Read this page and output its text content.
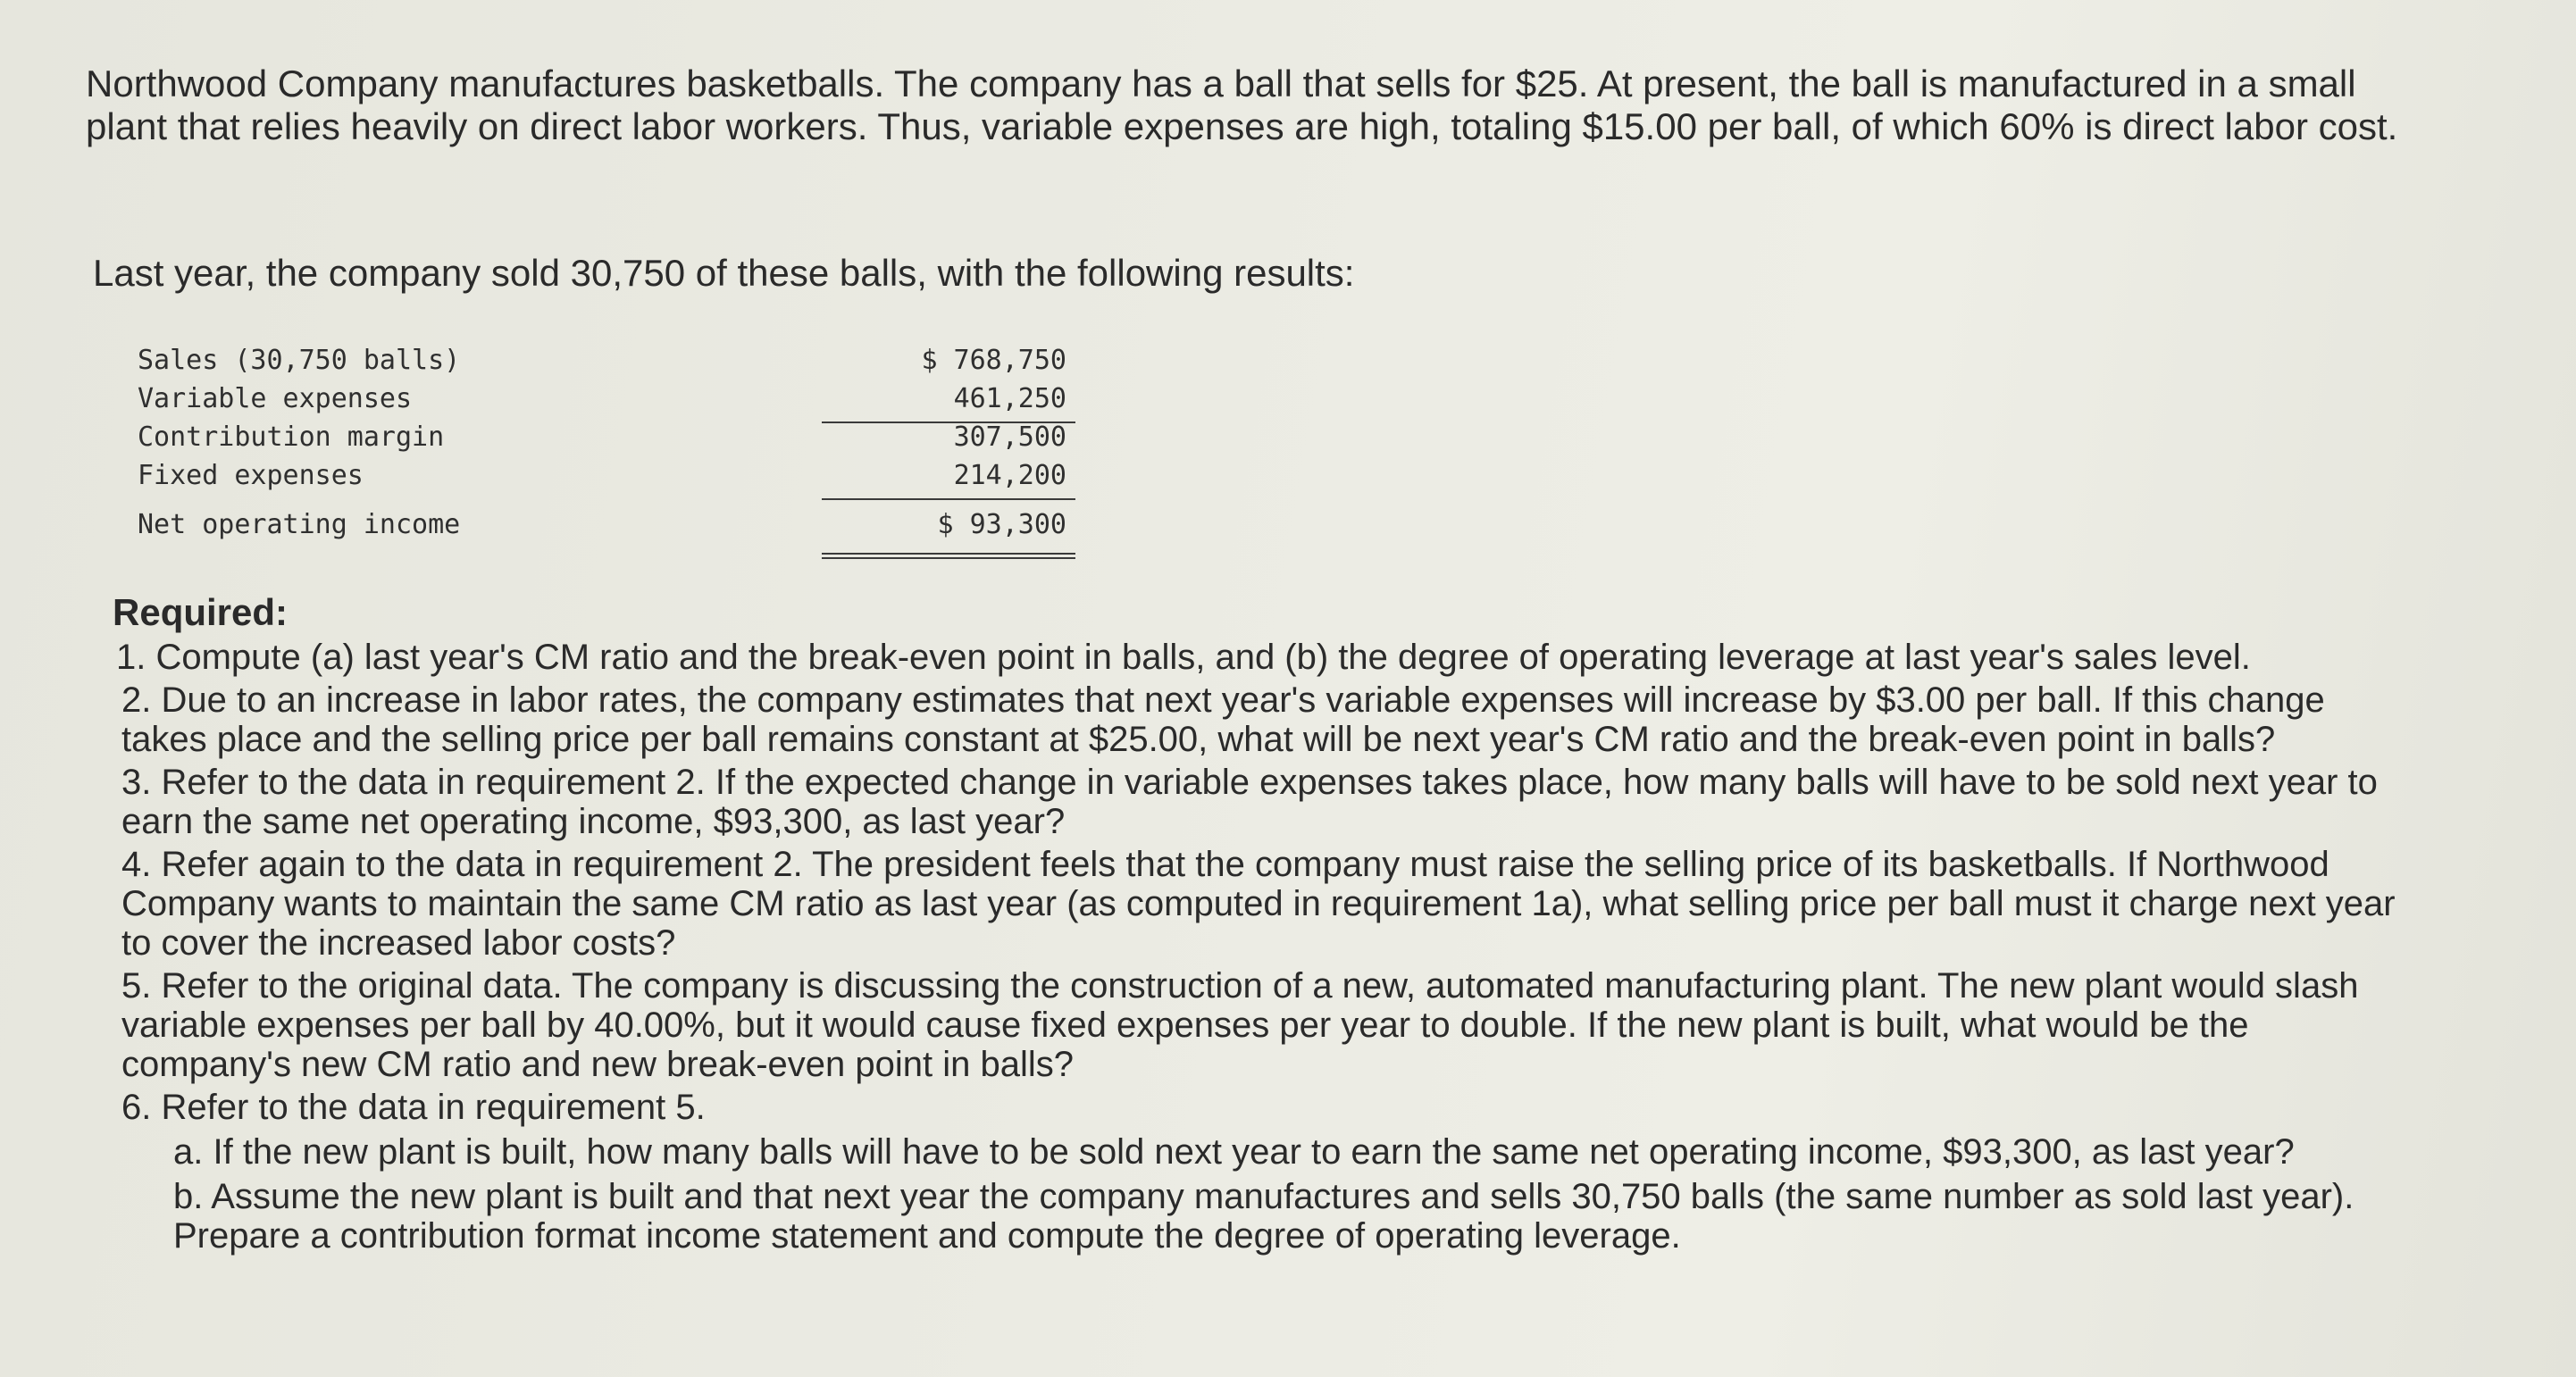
Northwood Company manufactures basketballs. The company has a ball that sells for $25. At present, the ball is manufactured in a small plant that relies heavily on direct labor workers. Thus, variable expenses are high, totaling $15.00 per ball, of which 60% is direct labor cost.

Last year, the company sold 30,750 of these balls, with the following results:

Sales (30,750 balls)	$ 768,750
Variable expenses	461,250
Contribution margin	307,500
Fixed expenses	214,200
Net operating income	$ 93,300
Required:
1. Compute (a) last year's CM ratio and the break-even point in balls, and (b) the degree of operating leverage at last year's sales level.
2. Due to an increase in labor rates, the company estimates that next year's variable expenses will increase by $3.00 per ball. If this change takes place and the selling price per ball remains constant at $25.00, what will be next year's CM ratio and the break-even point in balls?
3. Refer to the data in requirement 2. If the expected change in variable expenses takes place, how many balls will have to be sold next year to earn the same net operating income, $93,300, as last year?
4. Refer again to the data in requirement 2. The president feels that the company must raise the selling price of its basketballs. If Northwood Company wants to maintain the same CM ratio as last year (as computed in requirement 1a), what selling price per ball must it charge next year to cover the increased labor costs?
5. Refer to the original data. The company is discussing the construction of a new, automated manufacturing plant. The new plant would slash variable expenses per ball by 40.00%, but it would cause fixed expenses per year to double. If the new plant is built, what would be the company's new CM ratio and new break-even point in balls?
6. Refer to the data in requirement 5.
a. If the new plant is built, how many balls will have to be sold next year to earn the same net operating income, $93,300, as last year?
b. Assume the new plant is built and that next year the company manufactures and sells 30,750 balls (the same number as sold last year). Prepare a contribution format income statement and compute the degree of operating leverage.
